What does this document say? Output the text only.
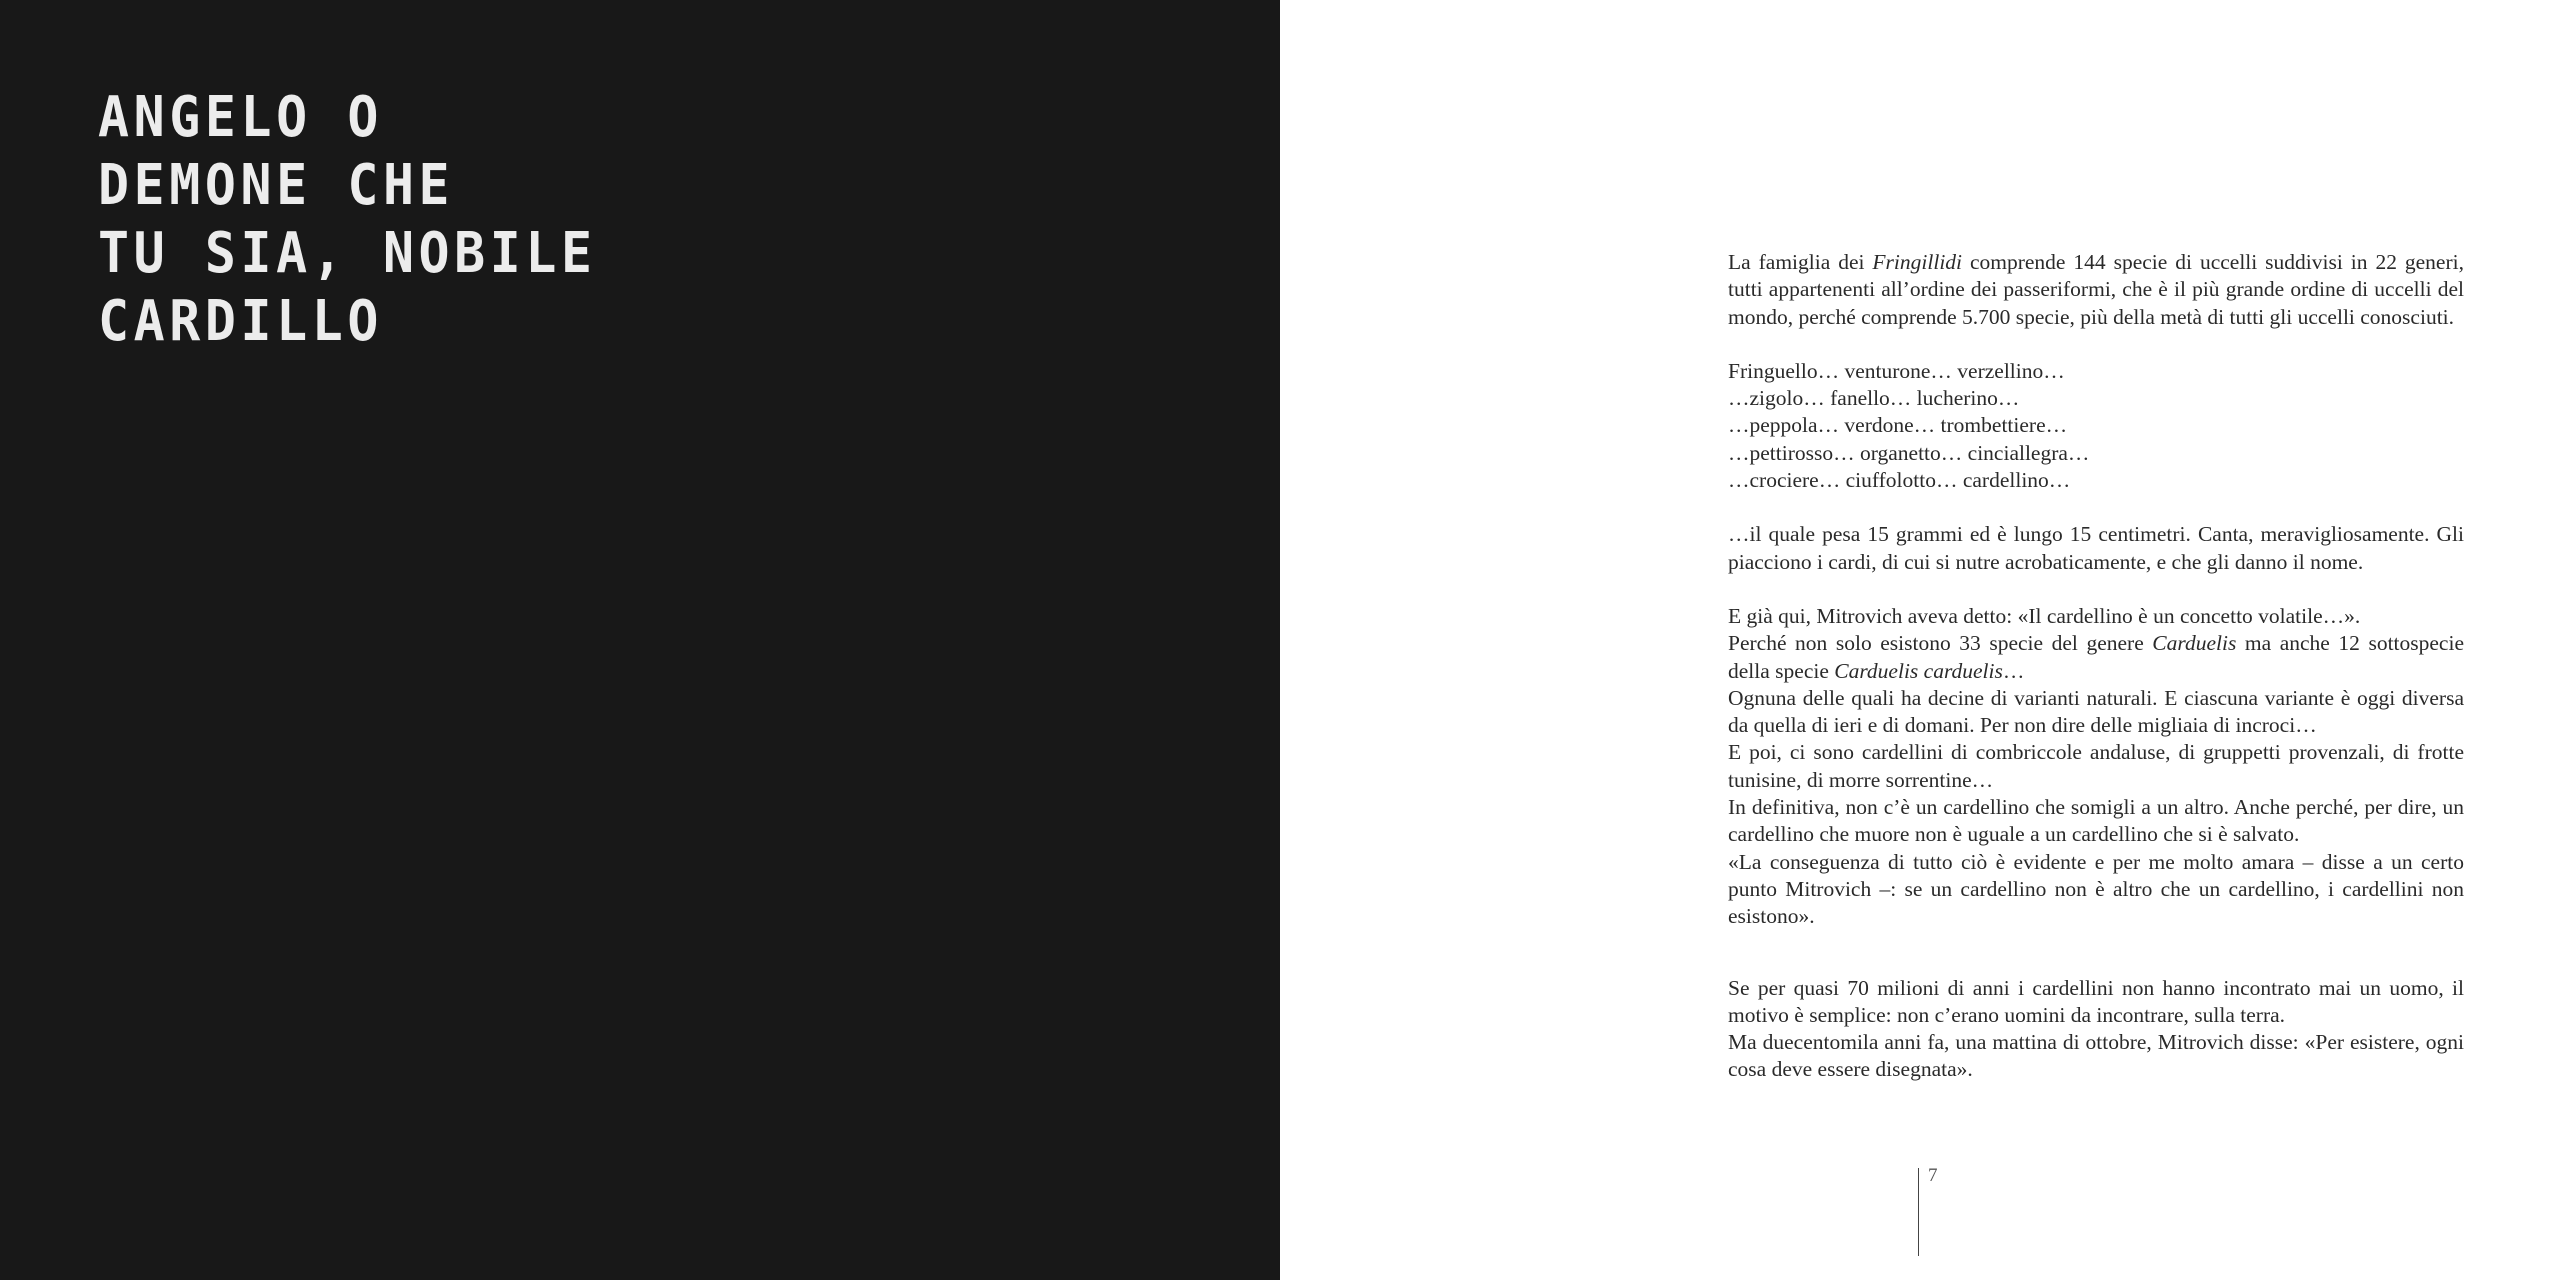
ANGELO O
DEMONE CHE
TU SIA, NOBILE
CARDILLO

La famiglia dei Fringillidi comprende 144 specie di uccelli suddivisi in 22 generi, tutti appartenenti all’ordine dei passeriformi, che è il più grande ordine di uccelli del mondo, perché comprende 5.700 specie, più della metà di tutti gli uccelli conosciuti.

Fringuello… venturone… verzellino…
…zigolo… fanello… lucherino…
…peppola… verdone… trombettiere…
…pettirosso… organetto… cinciallegra…
…crociere… ciuffolotto… cardellino…

…il quale pesa 15 grammi ed è lungo 15 centimetri. Canta, meravigliosamente. Gli piacciono i cardi, di cui si nutre acrobaticamente, e che gli danno il nome.

E già qui, Mitrovich aveva detto: «Il cardellino è un concetto volatile…».

Perché non solo esistono 33 specie del genere Carduelis ma anche 12 sottospecie della specie Carduelis carduelis…

Ognuna delle quali ha decine di varianti naturali. E ciascuna variante è oggi diversa da quella di ieri e di domani. Per non dire delle migliaia di incroci…

E poi, ci sono cardellini di combriccole andaluse, di gruppetti provenzali, di frotte tunisine, di morre sorrentine…

In definitiva, non c’è un cardellino che somigli a un altro. Anche perché, per dire, un cardellino che muore non è uguale a un cardellino che si è salvato.

«La conseguenza di tutto ciò è evidente e per me molto amara – disse a un certo punto Mitrovich –: se un cardellino non è altro che un cardellino, i cardellini non esistono».

Se per quasi 70 milioni di anni i cardellini non hanno incontrato mai un uomo, il motivo è semplice: non c’erano uomini da incontrare, sulla terra.

Ma duecentomila anni fa, una mattina di ottobre, Mitrovich disse: «Per esistere, ogni cosa deve essere disegnata».

7
